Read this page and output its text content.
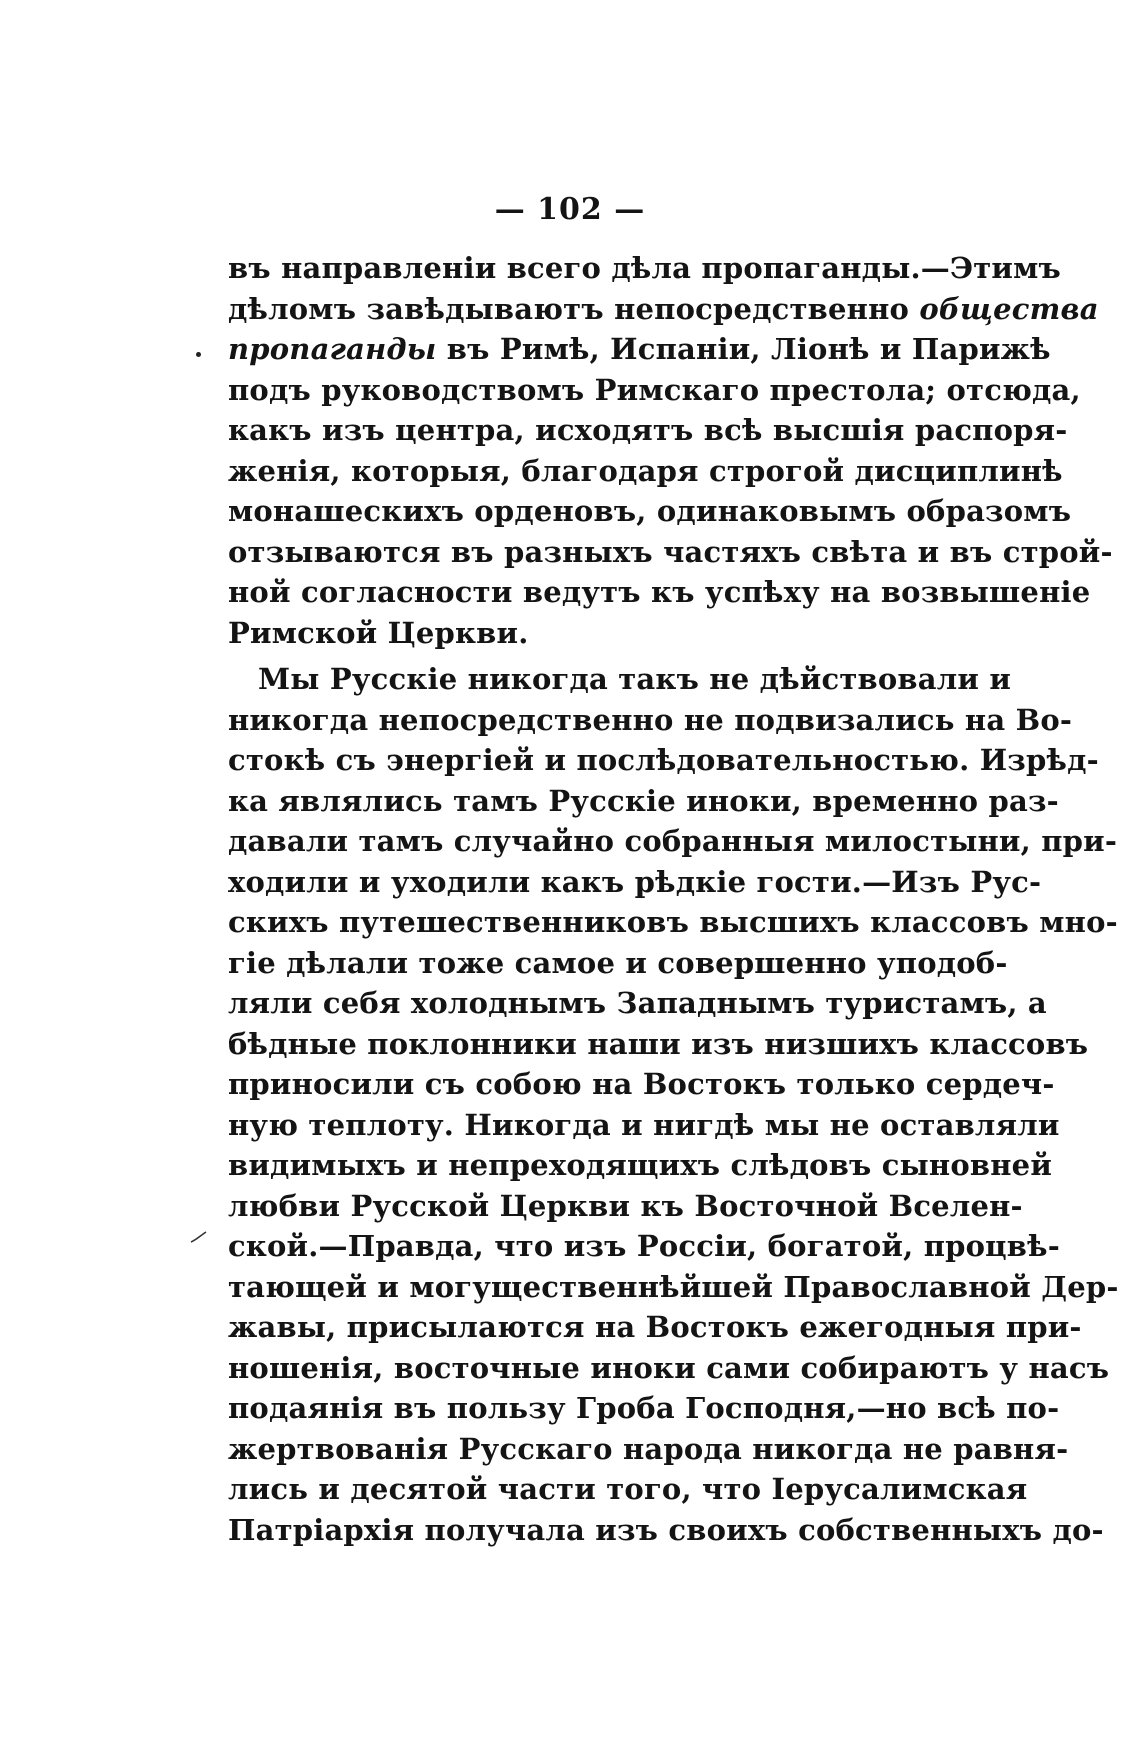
— 102 —
въ направленіи всего дѣла пропаганды.—Этимъ
дѣломъ завѣдываютъ непосредственно общества
пропаганды въ Римѣ, Испаніи, Ліонѣ и Парижѣ
подъ руководствомъ Римскаго престола; отсюда,
какъ изъ центра, исходятъ всѣ высшія распоря-
женія, которыя, благодаря строгой дисциплинѣ
монашескихъ орденовъ, одинаковымъ образомъ
отзываются въ разныхъ частяхъ свѣта и въ строй-
ной согласности ведутъ къ успѣху на возвышеніе
Римской Церкви.
Мы Русскіе никогда такъ не дѣйствовали и
никогда непосредственно не подвизались на Во-
стокѣ съ энергіей и послѣдовательностью. Изрѣд-
ка являлись тамъ Русскіе иноки, временно раз-
давали тамъ случайно собранныя милостыни, при-
ходили и уходили какъ рѣдкіе гости.—Изъ Рус-
скихъ путешественниковъ высшихъ классовъ мно-
гіе дѣлали тоже самое и совершенно уподоб-
ляли себя холоднымъ Западнымъ туристамъ, а
бѣдные поклонники наши изъ низшихъ классовъ
приносили съ собою на Востокъ только сердеч-
ную теплоту. Никогда и нигдѣ мы не оставляли
видимыхъ и непреходящихъ слѣдовъ сыновней
любви Русской Церкви къ Восточной Вселен-
ской.—Правда, что изъ Россіи, богатой, процвѣ-
тающей и могущественнѣйшей Православной Дер-
жавы, присылаются на Востокъ ежегодныя при-
ношенія, восточные иноки сами собираютъ у насъ
подаянія въ пользу Гроба Господня,—но всѣ по-
жертвованія Русскаго народа никогда не равня-
лись и десятой части того, что Іерусалимская
Патріархія получала изъ своихъ собственныхъ до-
